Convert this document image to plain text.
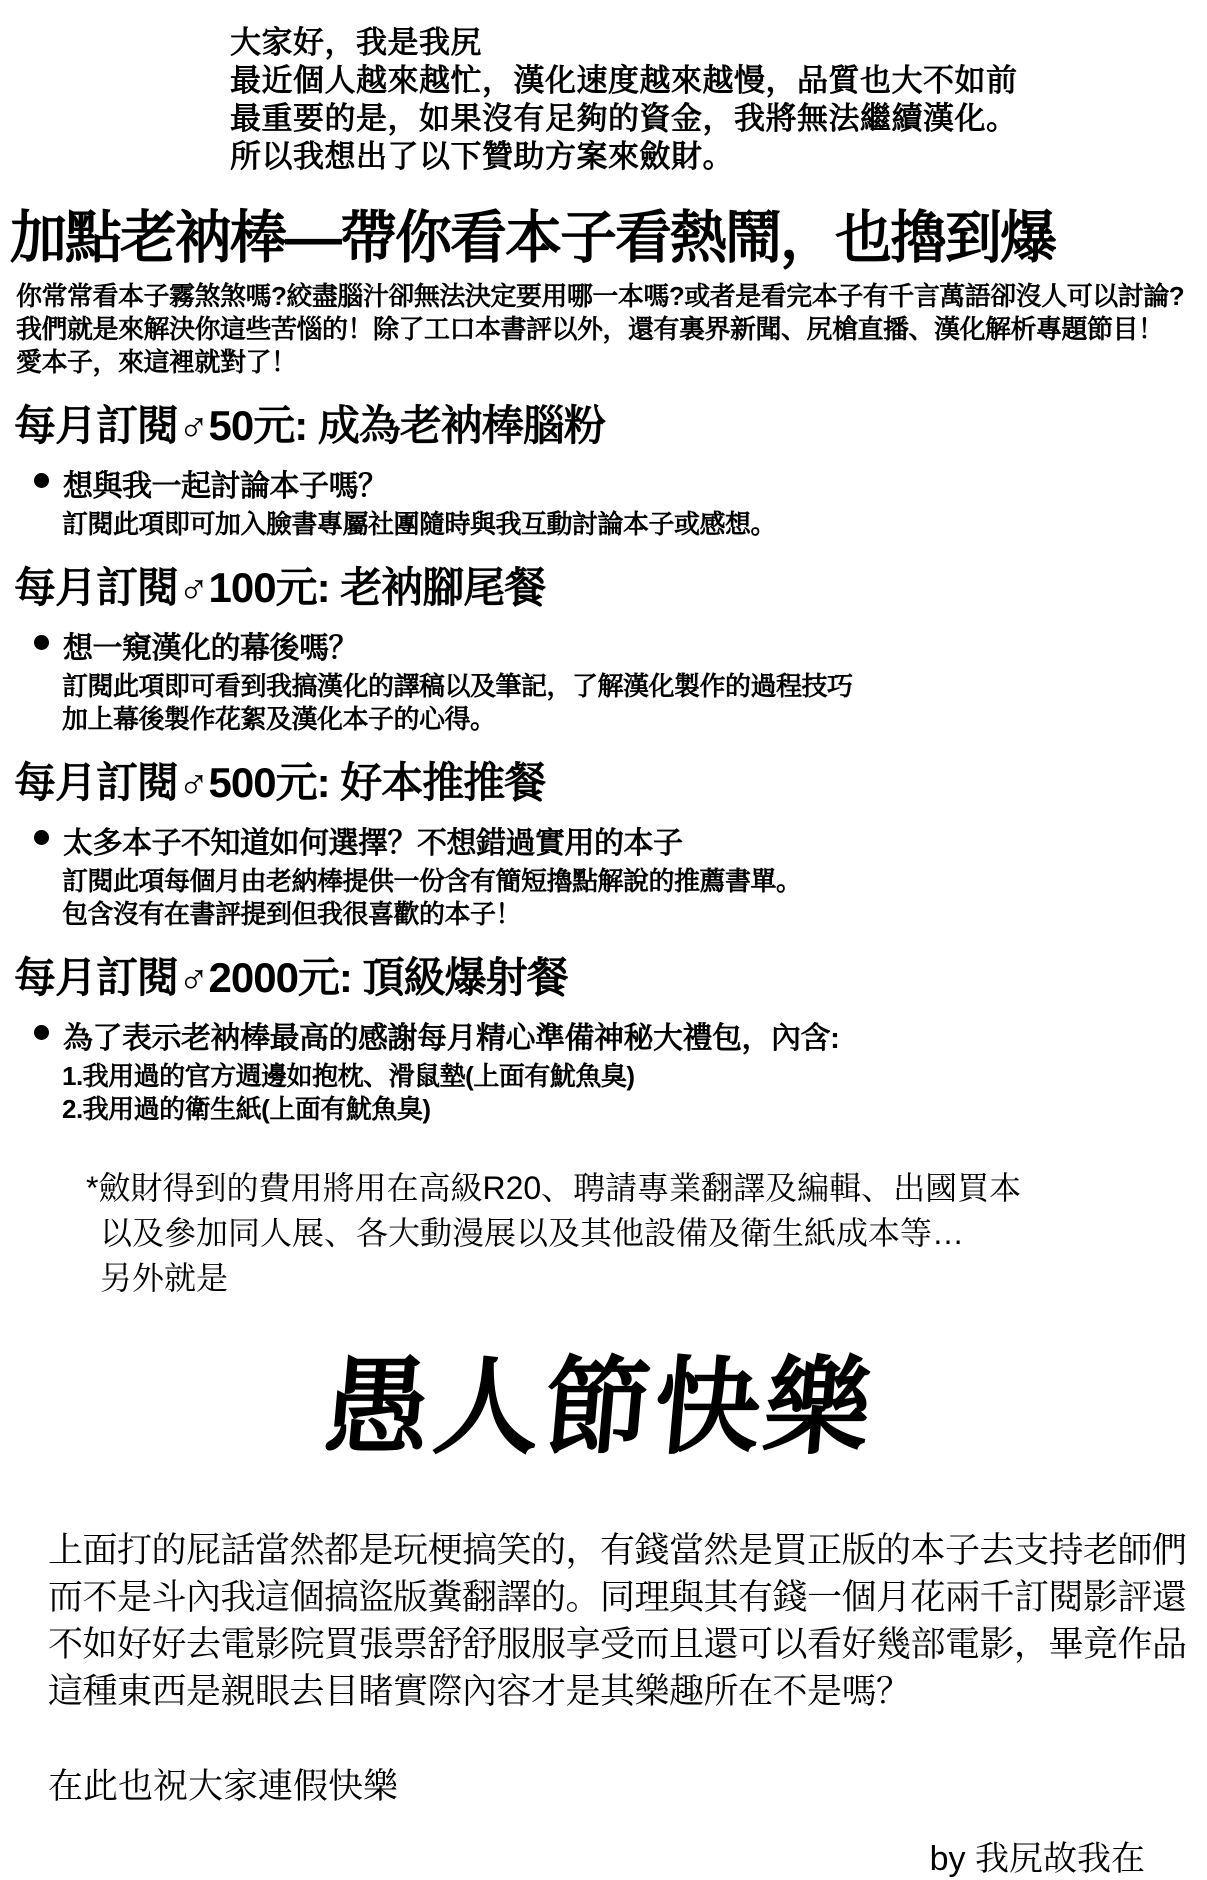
大家好，我是我尻
最近個人越來越忙，漢化速度越來越慢，品質也大不如前
最重要的是，如果沒有足夠的資金，我將無法繼續漢化。
所以我想出了以下贊助方案來斂財。
加點老衲棒—帶你看本子看熱鬧，也擼到爆
你常常看本子霧煞煞嗎?絞盡腦汁卻無法決定要用哪一本嗎?或者是看完本子有千言萬語卻沒人可以討論?
我們就是來解決你這些苦惱的！除了工口本書評以外，還有裏界新聞、尻槍直播、漢化解析專題節目！
愛本子，來這裡就對了！
每月訂閱♂50元: 成為老衲棒腦粉
想與我一起討論本子嗎？
訂閱此項即可加入臉書專屬社團隨時與我互動討論本子或感想。
每月訂閱♂100元: 老衲腳尾餐
想一窺漢化的幕後嗎？
訂閱此項即可看到我搞漢化的譯稿以及筆記，了解漢化製作的過程技巧
加上幕後製作花絮及漢化本子的心得。
每月訂閱♂500元: 好本推推餐
太多本子不知道如何選擇？不想錯過實用的本子
訂閱此項每個月由老納棒提供一份含有簡短擼點解說的推薦書單。
包含沒有在書評提到但我很喜歡的本子！
每月訂閱♂2000元: 頂級爆射餐
為了表示老衲棒最高的感謝每月精心準備神秘大禮包，內含:
1.我用過的官方週邊如抱枕、滑鼠墊(上面有魷魚臭)
2.我用過的衛生紙(上面有魷魚臭)
*斂財得到的費用將用在高級R20、聘請專業翻譯及編輯、出國買本
以及參加同人展、各大動漫展以及其他設備及衛生紙成本等…
另外就是
愚人節快樂
上面打的屁話當然都是玩梗搞笑的，有錢當然是買正版的本子去支持老師們
而不是斗內我這個搞盜版糞翻譯的。同理與其有錢一個月花兩千訂閱影評還
不如好好去電影院買張票舒舒服服享受而且還可以看好幾部電影，畢竟作品
這種東西是親眼去目睹實際內容才是其樂趣所在不是嗎？
在此也祝大家連假快樂
by 我尻故我在
